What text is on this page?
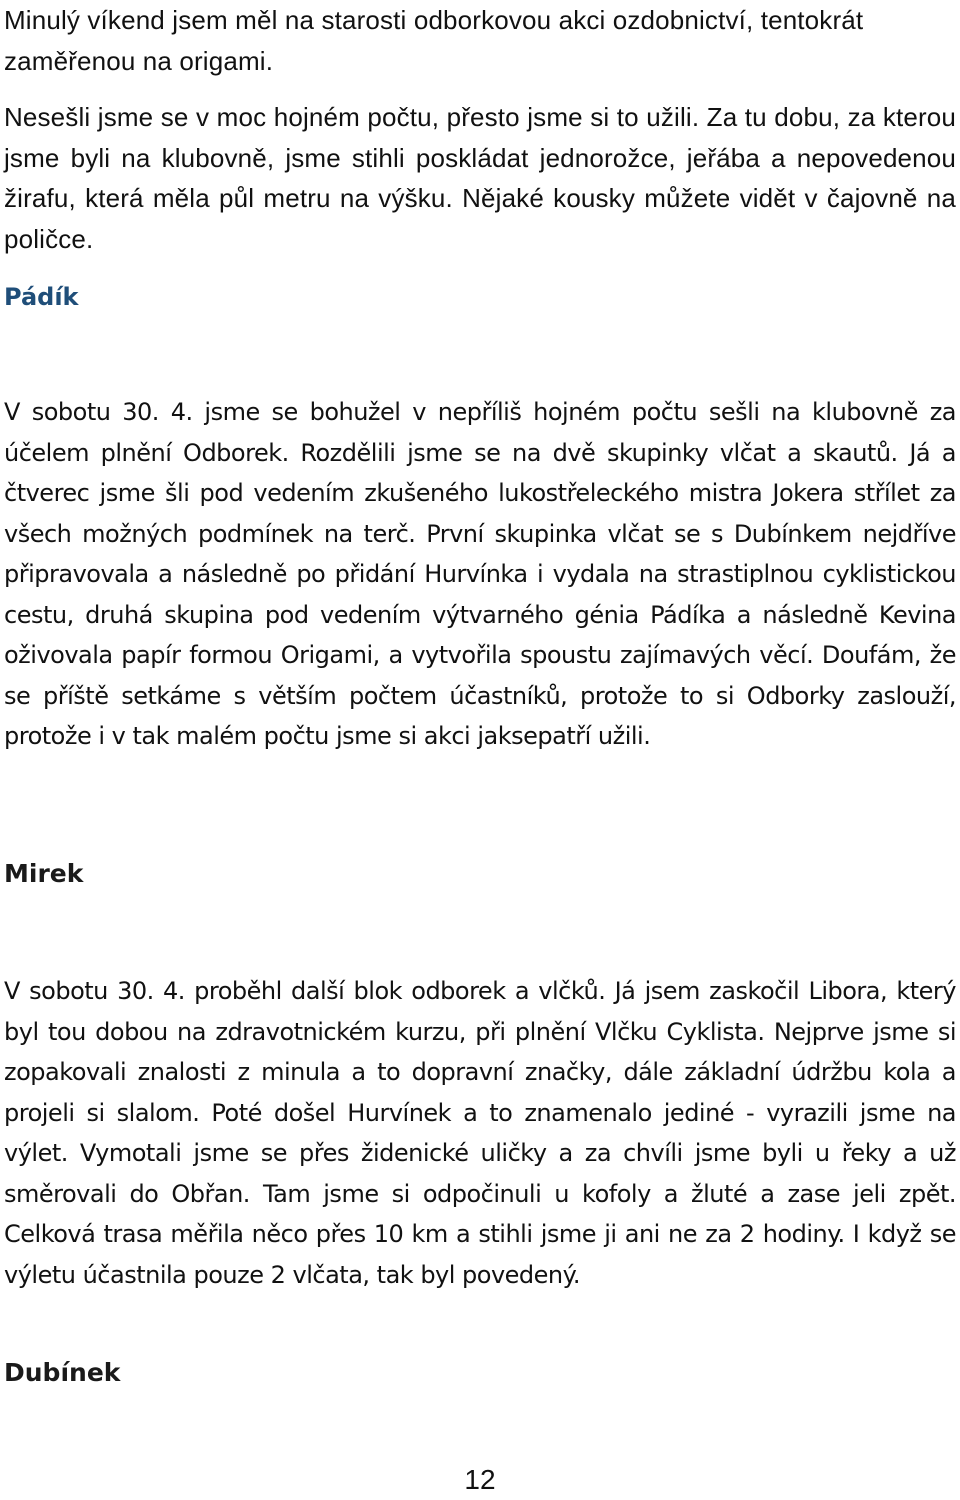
Minulý víkend jsem měl na starosti odborkovou akci ozdobnictví, tentokrát zaměřenou na origami.

Nesešli jsme se v moc hojném počtu, přesto jsme si to užili. Za tu dobu, za kterou jsme byli na klubovně, jsme stihli poskládat jednorožce, jeřába a nepovedenou žirafu, která měla půl metru na výšku. Nějaké kousky můžete vidět v čajovně na poličce.

Pádík

V sobotu 30. 4. jsme se bohužel v nepříliš hojném počtu sešli na klubovně za účelem plnění Odborek. Rozdělili jsme se na dvě skupinky vlčat a skautů. Já a čtverec jsme šli pod vedením zkušeného lukostřeleckého mistra Jokera střílet za všech možných podmínek na terč. První skupinka vlčat se s Dubínkem nejdříve připravovala a následně po přidání Hurvínka i vydala na strastiplnou cyklistickou cestu, druhá skupina pod vedením výtvarného génia Pádíka a následně Kevina oživovala papír formou Origami, a vytvořila spoustu zajímavých věcí. Doufám, že se příště setkáme s větším počtem účastníků, protože to si Odborky zaslouží, protože i v tak malém počtu jsme si akci jaksepatří užili.

Mirek

V sobotu 30. 4. proběhl další blok odborek a vlčků. Já jsem zaskočil Libora, který byl tou dobou na zdravotnickém kurzu, při plnění Vlčku Cyklista. Nejprve jsme si zopakovali znalosti z minula a to dopravní značky, dále základní údržbu kola a projeli si slalom. Poté došel Hurvínek a to znamenalo jediné - vyrazili jsme na výlet. Vymotali jsme se přes židenické uličky a za chvíli jsme byli u řeky a už směrovali do Obřan. Tam jsme si odpočinuli u kofoly a žluté a zase jeli zpět. Celková trasa měřila něco přes 10 km a stihli jsme ji ani ne za 2 hodiny. I když se výletu účastnila pouze 2 vlčata, tak byl povedený.

Dubínek

12
